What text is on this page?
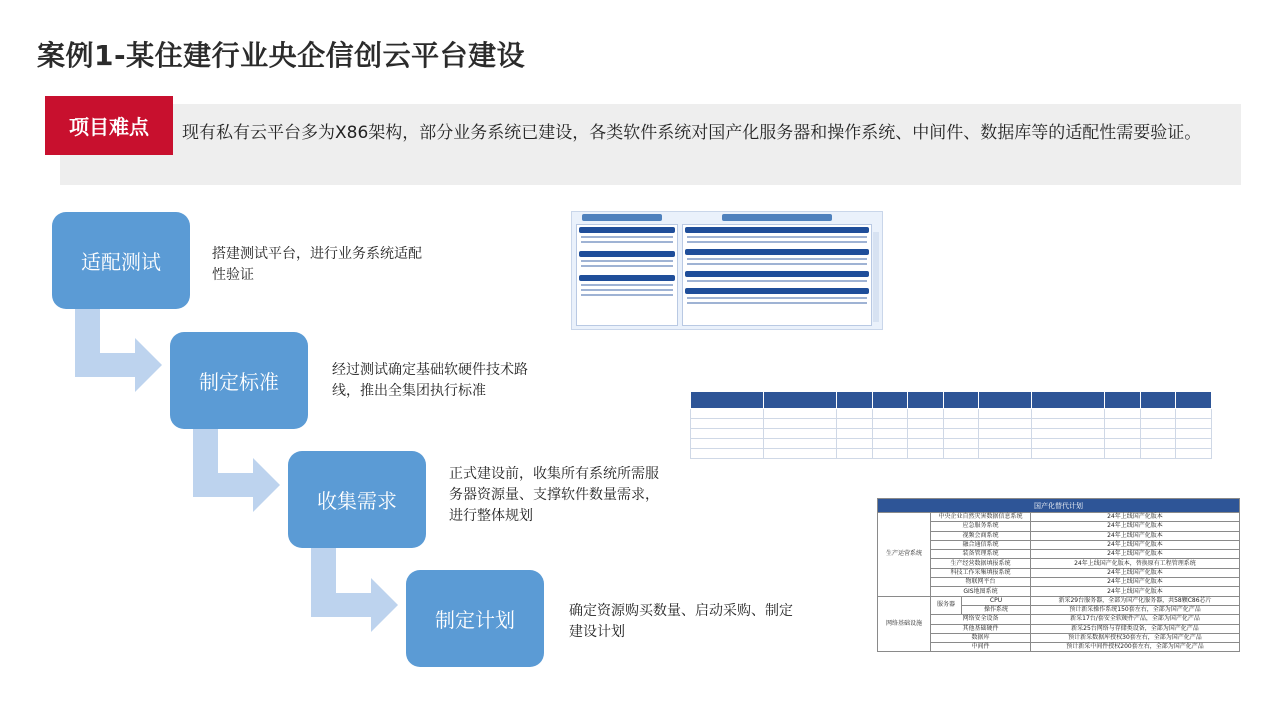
案例1-某住建行业央企信创云平台建设
现有私有云平台多为X86架构，部分业务系统已建设，各类软件系统对国产化服务器和操作系统、中间件、数据库等的适配性需要验证。
项目难点
适配测试
制定标准
收集需求
制定计划
搭建测试平台，进行业务系统适配性验证
经过测试确定基础软硬件技术路线，推出全集团执行标准
正式建设前，收集所有系统所需服务器资源量、支撑软件数量需求，进行整体规划
确定资源购买数量、启动采购、制定建设计划

国产化替代计划			
生产运营系统	中央企业自然灾害数据信息系统		24年上线国产化版本
	应急服务系统		24年上线国产化版本
	视频会商系统		24年上线国产化版本
	融合通信系统		24年上线国产化版本
	装备管理系统		24年上线国产化版本
	生产经营数据填报系统		24年上线国产化版本，替换原有工程管理系统
	科技工作采集填报系统		24年上线国产化版本
	物联网平台		24年上线国产化版本
	GIS地图系统		24年上线国产化版本
网络基础设施	服务器	CPU	新采29台服务器，全部为国产化服务器，共58颗C86芯片
		操作系统	预计新采操作系统150套左右，全部为国产化产品
	网络安全设备		新采17台/套安全软硬件产品，全部为国产化产品
	其他基础硬件		新采25台网络与存储类设备，全部为国产化产品
	数据库		预计新采数据库授权30套左右，全部为国产化产品
	中间件		预计新采中间件授权200套左右，全部为国产化产品
